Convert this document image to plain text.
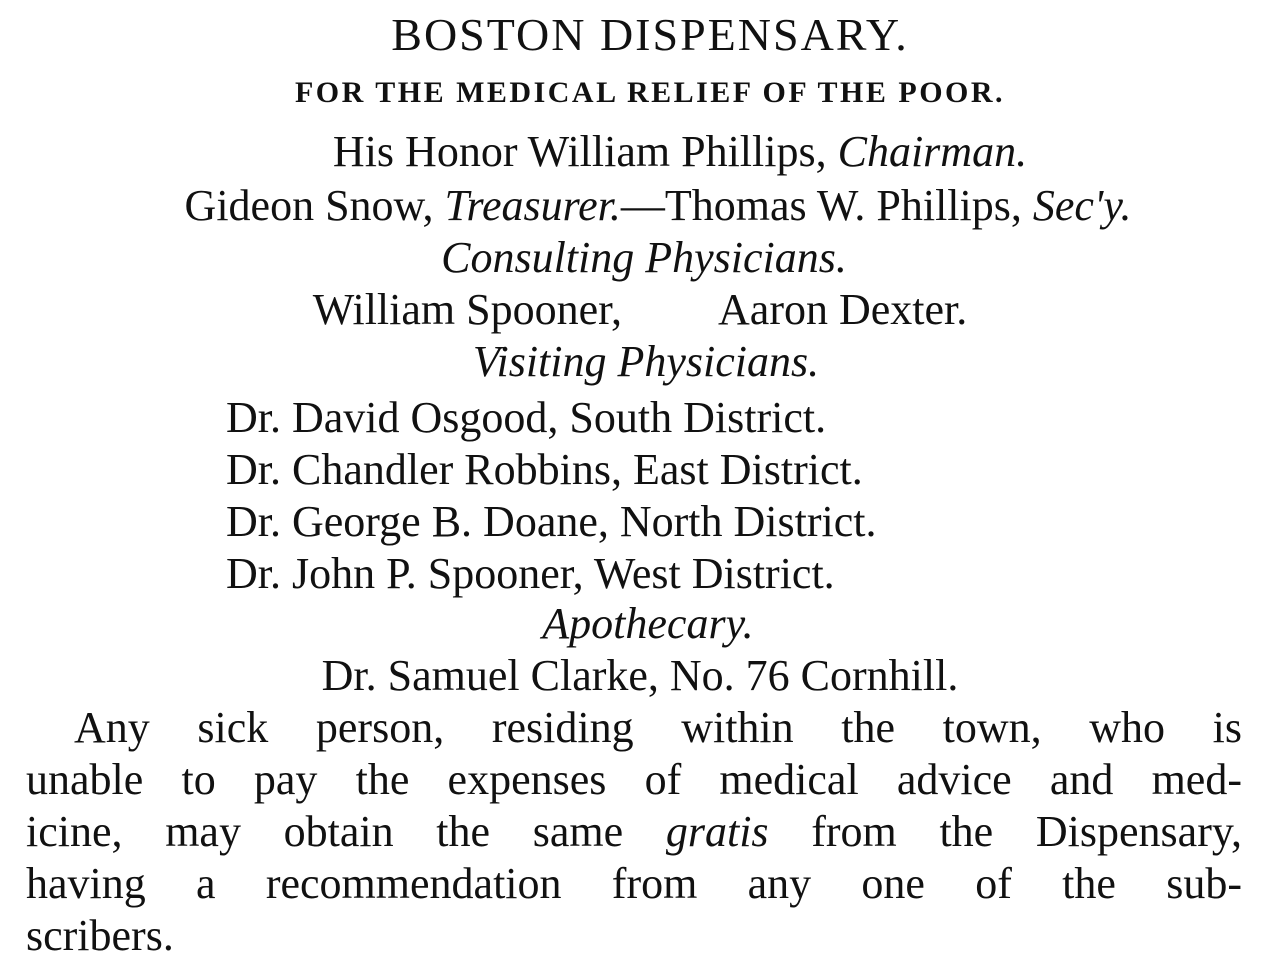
BOSTON DISPENSARY.
FOR THE MEDICAL RELIEF OF THE POOR.
His Honor William Phillips, Chairman.
Gideon Snow, Treasurer.—Thomas W. Phillips, Sec'y.
Consulting Physicians.
William Spooner, Aaron Dexter.
Visiting Physicians.
Dr. David Osgood, South District.
Dr. Chandler Robbins, East District.
Dr. George B. Doane, North District.
Dr. John P. Spooner, West District.
Apothecary.
Dr. Samuel Clarke, No. 76 Cornhill.
Any sick person, residing within the town, who is
unable to pay the expenses of medical advice and med-
icine, may obtain the same gratis from the Dispensary,
having a recommendation from any one of the sub-
scribers.
